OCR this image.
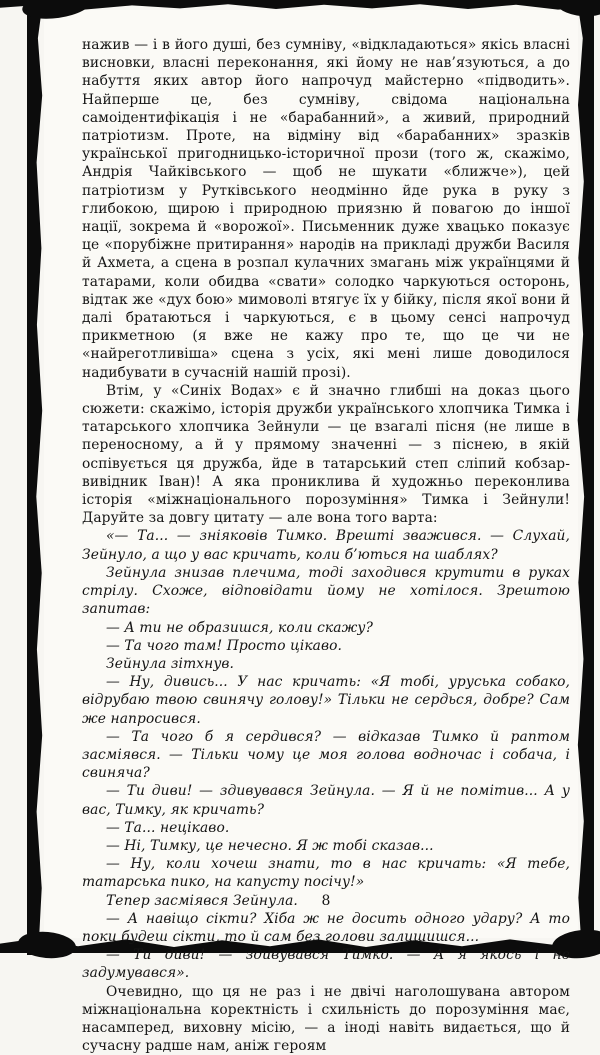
нажив — і в його душі, без сумніву, «відкладаються» якісь власні висновки, власні переконання, які йому не нав’язуються, а до набуття яких автор його напрочуд майстерно «підводить». Найперше це, без сумніву, свідома національна самоідентифікація і не «барабанний», а живий, природний патріотизм. Проте, на відміну від «барабанних» зразків української пригодницько-історичної прози (того ж, скажімо, Андрія Чайківського — щоб не шукати «ближче»), цей патріотизм у Рутківського неодмінно йде рука в руку з глибокою, щирою і природною приязню й повагою до іншої нації, зокрема й «ворожої». Письменник дуже хвацько показує це «порубіжне притирання» народів на прикладі дружби Василя й Ахмета, а сцена в розпал кулачних змагань між українцями й татарами, коли обидва «свати» солодко чаркуються осторонь, відтак же «дух бою» мимоволі втягує їх у бійку, після якої вони й далі братаються і чаркуються, є в цьому сенсі напрочуд прикметною (я вже не кажу про те, що це чи не «найреготливіша» сцена з усіх, які мені лише доводилося надибувати в сучасній нашій прозі).

Втім, у «Синіх Водах» є й значно глибші на доказ цього сюжети: скажімо, історія дружби українського хлопчика Тимка і татарського хлопчика Зейнули — це взагалі пісня (не лише в переносному, а й у прямому значенні — з піснею, в якій оспівується ця дружба, йде в татарський степ сліпий кобзар-вивідник Іван)! А яка прониклива й художньо переконлива історія «міжнаціонального порозуміння» Тимка і Зейнули! Даруйте за довгу цитату — але вона того варта:

«— Та... — зніяковів Тимко. Врешті зважився. — Слухай, Зейнуло, а що у вас кричать, коли б’ються на шаблях?

Зейнула знизав плечима, тоді заходився крутити в руках стрілу. Схоже, відповідати йому не хотілося. Зрештою запитав:

— А ти не образишся, коли скажу?

— Та чого там! Просто цікаво.

Зейнула зітхнув.

— Ну, дивись... У нас кричать: «Я тобі, уруська собако, відрубаю твою свинячу голову!» Тільки не сердься, добре? Сам же напросився.

— Та чого б я сердився? — відказав Тимко й раптом засміявся. — Тільки чому це моя голова водночас і собача, і свиняча?

— Ти диви! — здивувався Зейнула. — Я й не помітив... А у вас, Тимку, як кричать?

— Та... нецікаво.

— Ні, Тимку, це нечесно. Я ж тобі сказав...

— Ну, коли хочеш знати, то в нас кричать: «Я тебе, татарська пико, на капусту посічу!»

Тепер засміявся Зейнула.

— А навіщо сікти? Хіба ж не досить одного удару? А то поки будеш сікти, то й сам без голови залишишся...

— Ти диви! — здивувався Тимко. — А я якось і не задумувався».

Очевидно, що ця не раз і не двічі наголошувана автором міжнаціональна коректність і схильність до порозуміння має, насамперед, виховну місію, — а іноді навіть видається, що й сучасну радше нам, аніж героям

8
